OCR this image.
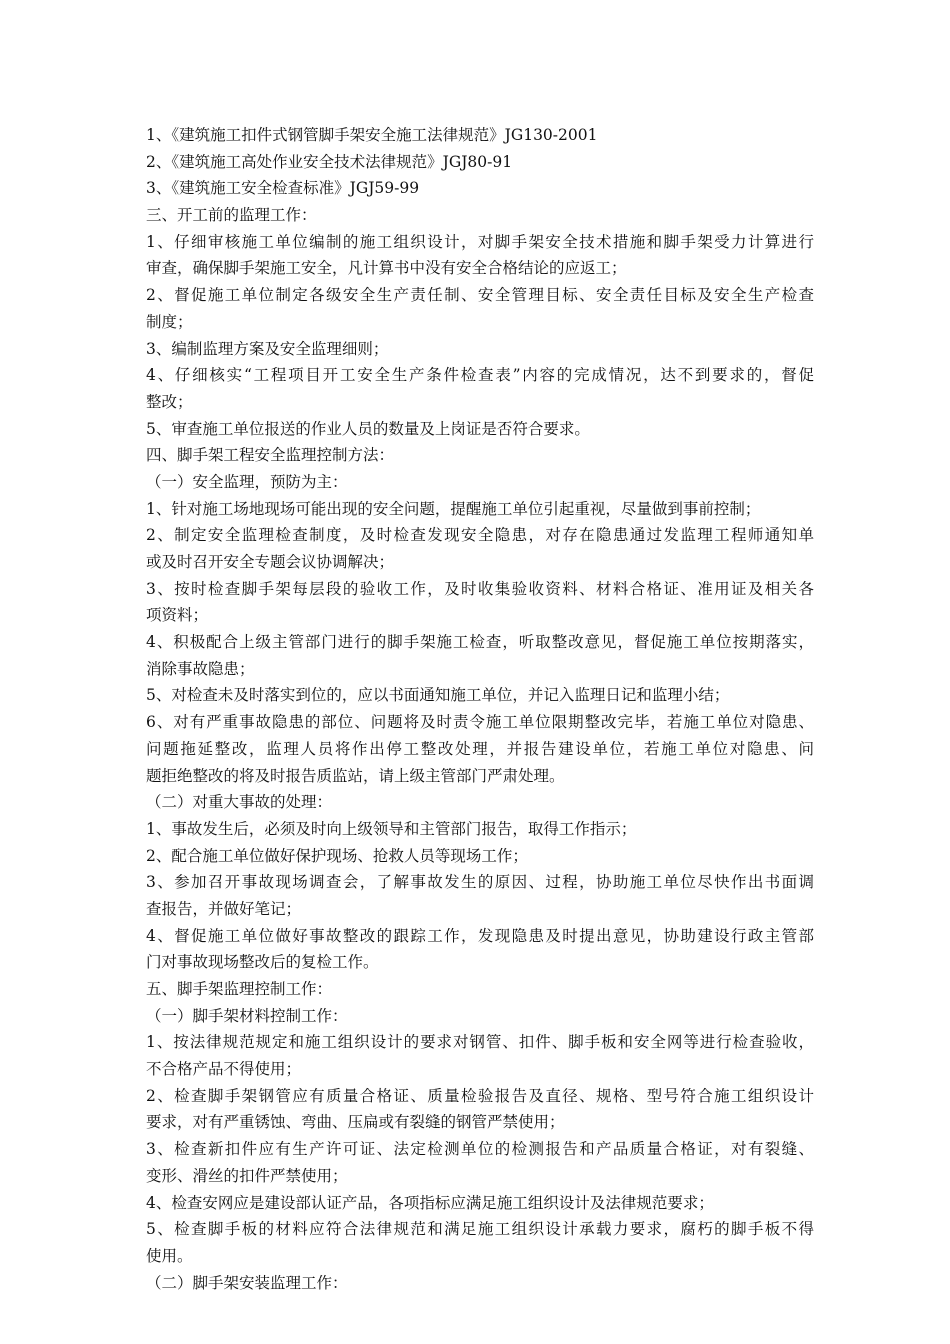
1、《建筑施工扣件式钢管脚手架安全施工法律规范》JG130-2001
2、《建筑施工高处作业安全技术法律规范》JGJ80-91
3、《建筑施工安全检查标准》JGJ59-99
三、开工前的监理工作：
1、仔细审核施工单位编制的施工组织设计，对脚手架安全技术措施和脚手架受力计算进行
审查，确保脚手架施工安全，凡计算书中没有安全合格结论的应返工；
2、督促施工单位制定各级安全生产责任制、安全管理目标、安全责任目标及安全生产检查
制度；
3、编制监理方案及安全监理细则；
4、仔细核实“工程项目开工安全生产条件检查表”内容的完成情况，达不到要求的，督促
整改；
5、审查施工单位报送的作业人员的数量及上岗证是否符合要求。
四、脚手架工程安全监理控制方法：
（一）安全监理，预防为主：
1、针对施工场地现场可能出现的安全问题，提醒施工单位引起重视，尽量做到事前控制；
2、制定安全监理检查制度，及时检查发现安全隐患，对存在隐患通过发监理工程师通知单
或及时召开安全专题会议协调解决；
3、按时检查脚手架每层段的验收工作，及时收集验收资料、材料合格证、准用证及相关各
项资料；
4、积极配合上级主管部门进行的脚手架施工检查，听取整改意见，督促施工单位按期落实，
消除事故隐患；
5、对检查未及时落实到位的，应以书面通知施工单位，并记入监理日记和监理小结；
6、对有严重事故隐患的部位、问题将及时责令施工单位限期整改完毕，若施工单位对隐患、
问题拖延整改，监理人员将作出停工整改处理，并报告建设单位，若施工单位对隐患、问
题拒绝整改的将及时报告质监站，请上级主管部门严肃处理。
（二）对重大事故的处理：
1、事故发生后，必须及时向上级领导和主管部门报告，取得工作指示；
2、配合施工单位做好保护现场、抢救人员等现场工作；
3、参加召开事故现场调查会，了解事故发生的原因、过程，协助施工单位尽快作出书面调
查报告，并做好笔记；
4、督促施工单位做好事故整改的跟踪工作，发现隐患及时提出意见，协助建设行政主管部
门对事故现场整改后的复检工作。
五、脚手架监理控制工作：
（一）脚手架材料控制工作：
1、按法律规范规定和施工组织设计的要求对钢管、扣件、脚手板和安全网等进行检查验收，
不合格产品不得使用；
2、检查脚手架钢管应有质量合格证、质量检验报告及直径、规格、型号符合施工组织设计
要求，对有严重锈蚀、弯曲、压扁或有裂缝的钢管严禁使用；
3、检查新扣件应有生产许可证、法定检测单位的检测报告和产品质量合格证，对有裂缝、
变形、滑丝的扣件严禁使用；
4、检查安网应是建设部认证产品，各项指标应满足施工组织设计及法律规范要求；
5、检查脚手板的材料应符合法律规范和满足施工组织设计承载力要求，腐朽的脚手板不得
使用。
（二）脚手架安装监理工作：
